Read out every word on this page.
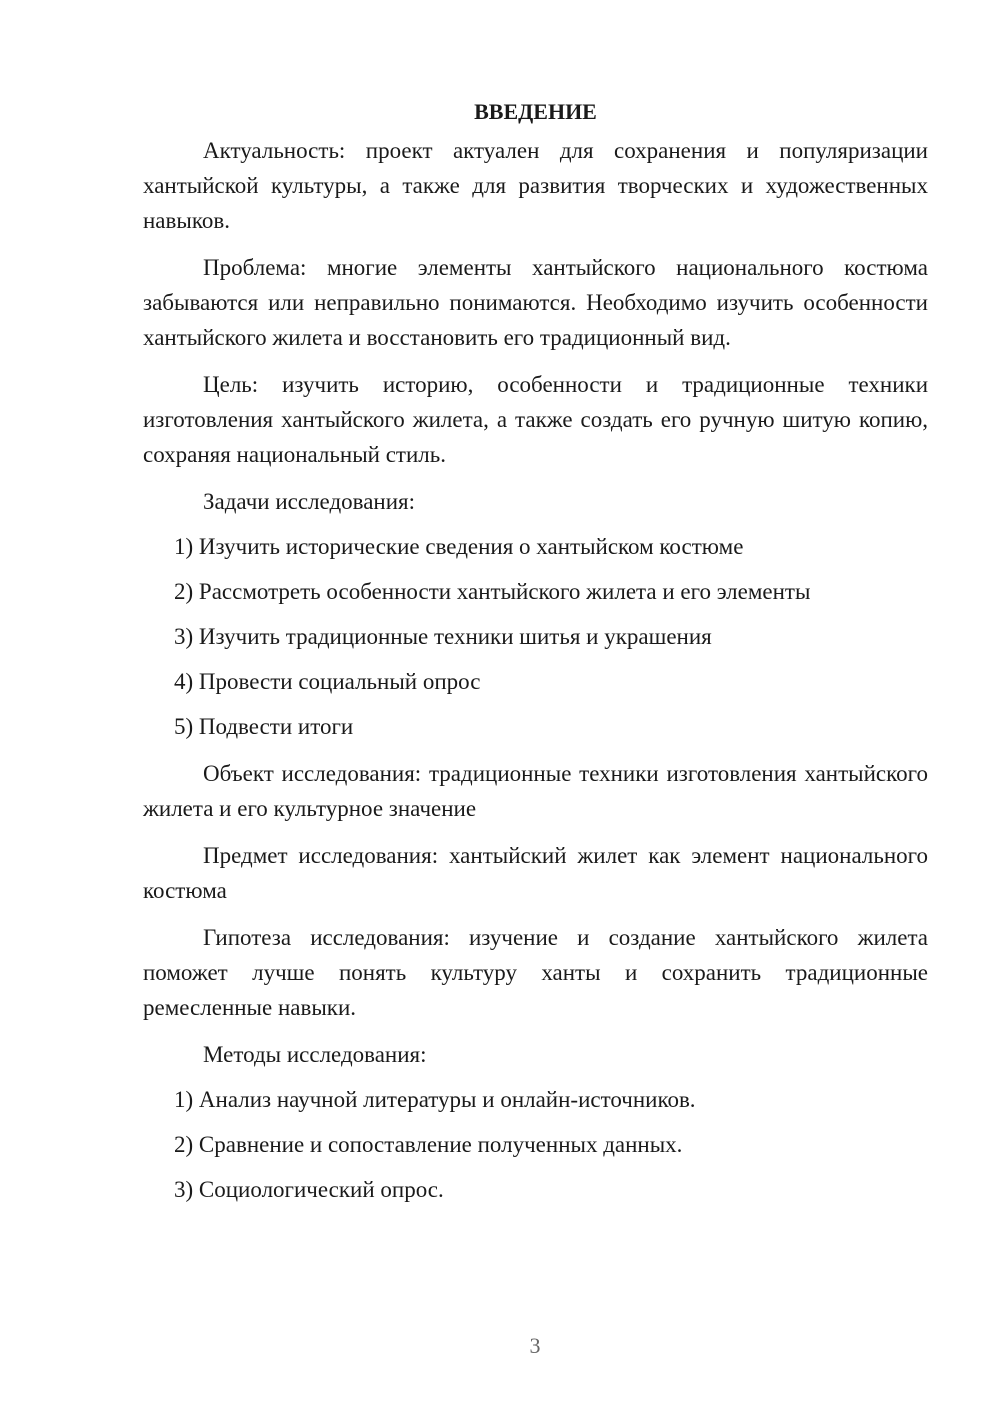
ВВЕДЕНИЕ

Актуальность: проект актуален для сохранения и популяризации хантыйской культуры, а также для развития творческих и художественных навыков.

Проблема: многие элементы хантыйского национального костюма забываются или неправильно понимаются. Необходимо изучить особенности хантыйского жилета и восстановить его традиционный вид.

Цель: изучить историю, особенности и традиционные техники изготовления хантыйского жилета, а также создать его ручную шитую копию, сохраняя национальный стиль.

Задачи исследования:

1) Изучить исторические сведения о хантыйском костюме
2) Рассмотреть особенности хантыйского жилета и его элементы
3) Изучить традиционные техники шитья и украшения
4) Провести социальный опрос
5) Подвести итоги

Объект исследования: традиционные техники изготовления хантыйского жилета и его культурное значение

Предмет исследования: хантыйский жилет как элемент национального костюма

Гипотеза исследования: изучение и создание хантыйского жилета поможет лучше понять культуру ханты и сохранить традиционные ремесленные навыки.

Методы исследования:

1) Анализ научной литературы и онлайн-источников.
2) Сравнение и сопоставление полученных данных.
3) Социологический опрос.
3
